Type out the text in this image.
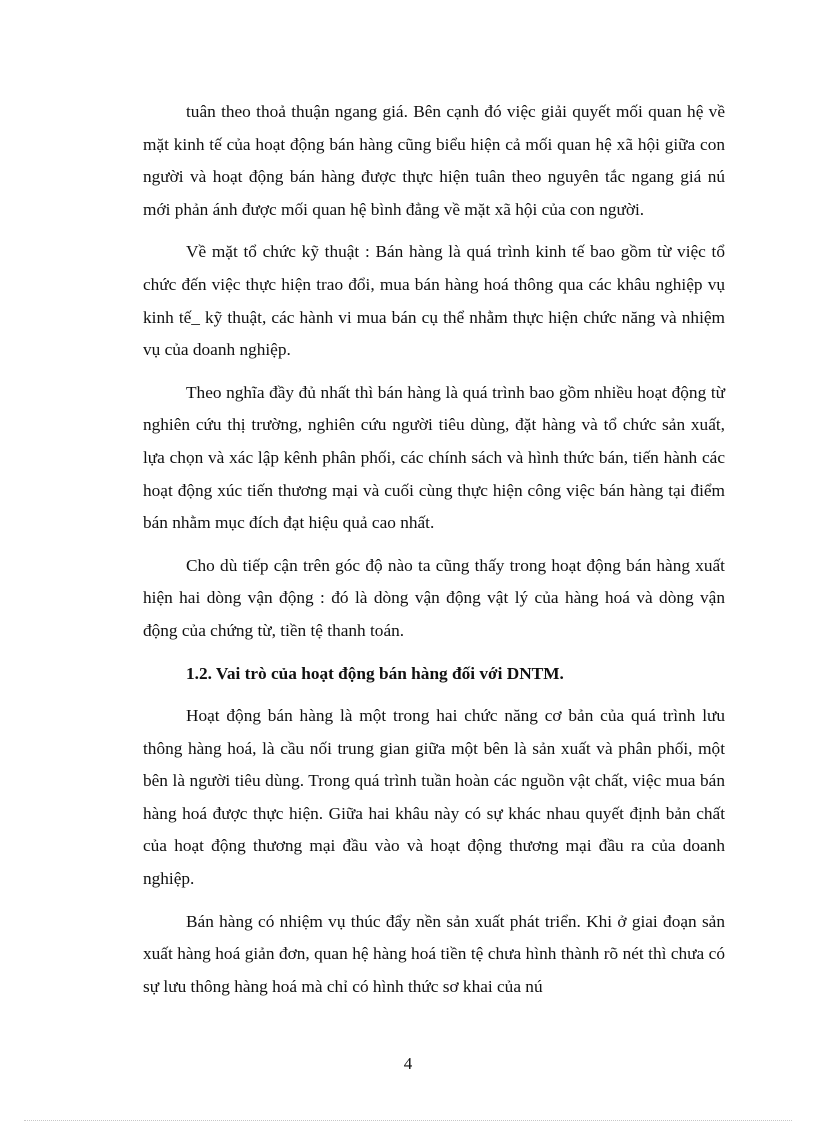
tuân theo thoả thuận ngang giá. Bên cạnh đó việc giải quyết mối quan hệ về mặt kinh tế của hoạt động bán hàng cũng biểu hiện cả mối quan hệ xã hội giữa con người và hoạt động bán hàng được thực hiện tuân theo nguyên tắc ngang giá nú mới phản ánh được mối quan hệ bình đẳng về mặt xã hội của con người.

Về mặt tổ chức kỹ thuật : Bán hàng là quá trình kinh tế bao gồm từ việc tổ chức đến việc thực hiện trao đổi, mua bán hàng hoá thông qua các khâu nghiệp vụ kinh tế_ kỹ thuật, các hành vi mua bán cụ thể nhằm thực hiện chức năng và nhiệm vụ của doanh nghiệp.

Theo nghĩa đầy đủ nhất thì bán hàng là quá trình bao gồm nhiều hoạt động từ nghiên cứu thị trường, nghiên cứu người tiêu dùng, đặt hàng và tổ chức sản xuất, lựa chọn và xác lập kênh phân phối, các chính sách và hình thức bán, tiến hành các hoạt động xúc tiến thương mại và cuối cùng thực hiện công việc bán hàng tại điểm bán nhằm mục đích đạt hiệu quả cao nhất.

Cho dù tiếp cận trên góc độ nào ta cũng thấy trong hoạt động bán hàng xuất hiện hai dòng vận động : đó là dòng vận động vật lý của hàng hoá và dòng vận động của chứng từ, tiền tệ thanh toán.

1.2. Vai trò của hoạt động bán hàng đối với DNTM.

Hoạt động bán hàng là một trong hai chức năng cơ bản của quá trình lưu thông hàng hoá, là cầu nối trung gian giữa một bên là sản xuất và phân phối, một bên là người tiêu dùng. Trong quá trình tuần hoàn các nguồn vật chất, việc mua bán hàng hoá được thực hiện. Giữa hai khâu này có sự khác nhau quyết định bản chất của hoạt động thương mại đầu vào và hoạt động thương mại đầu ra của doanh nghiệp.

Bán hàng có nhiệm vụ thúc đẩy nền sản xuất phát triển. Khi ở giai đoạn sản xuất hàng hoá giản đơn, quan hệ hàng hoá tiền tệ chưa hình thành rõ nét thì chưa có sự lưu thông hàng hoá mà chỉ có hình thức sơ khai của nú

4
